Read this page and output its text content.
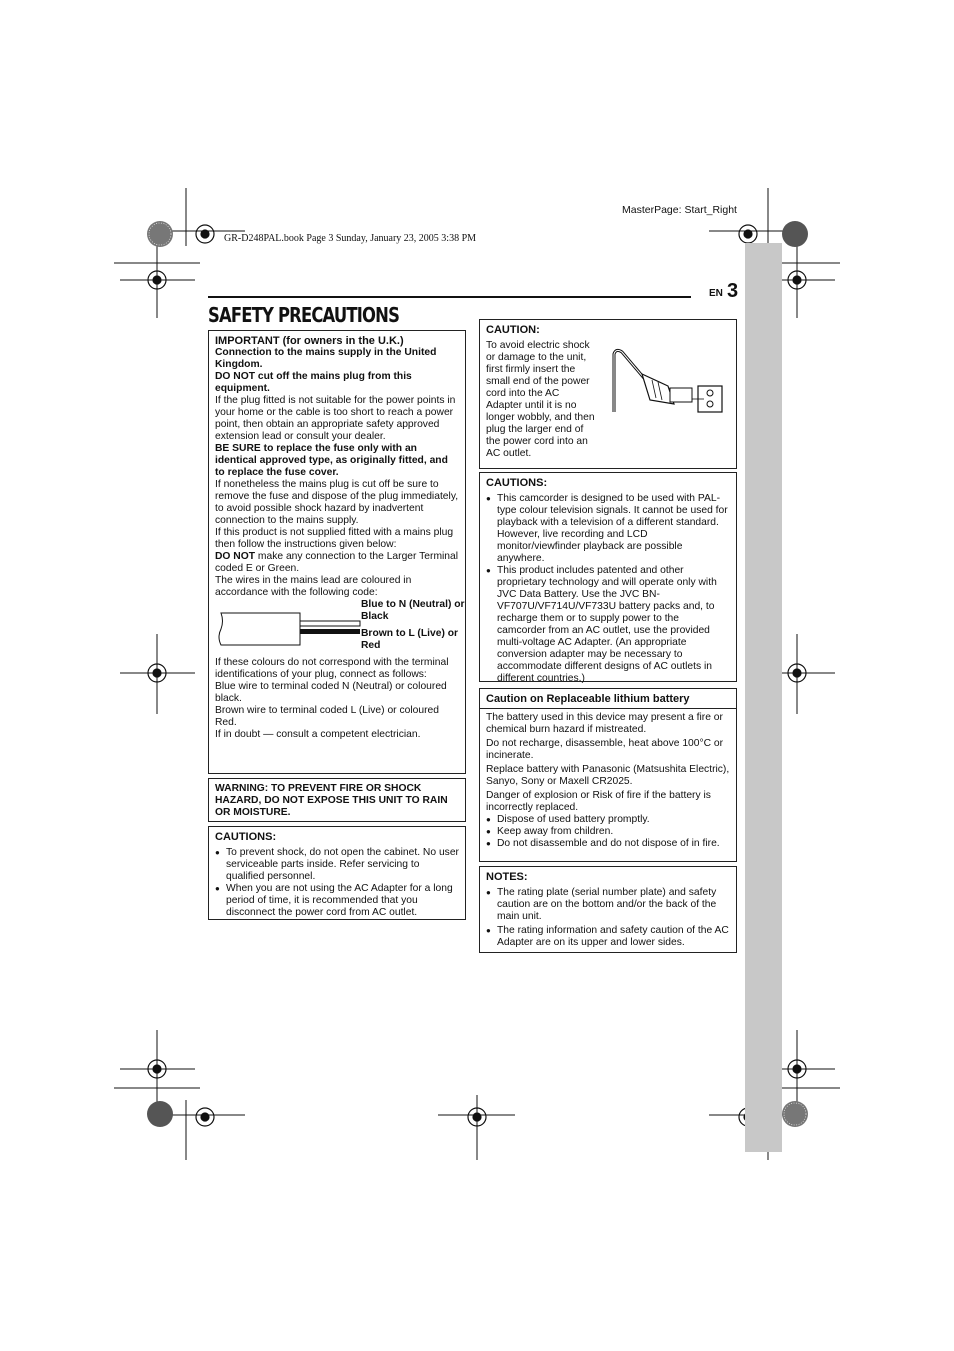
MasterPage: Start_Right
GR-D248PAL.book Page 3 Sunday, January 23, 2005 3:38 PM
EN 3
SAFETY PRECAUTIONS
IMPORTANT (for owners in the U.K.)
Connection to the mains supply in the United Kingdom.
DO NOT cut off the mains plug from this equipment.
If the plug fitted is not suitable for the power points in your home or the cable is too short to reach a power point, then obtain an appropriate safety approved extension lead or consult your dealer.
BE SURE to replace the fuse only with an identical approved type, as originally fitted, and to replace the fuse cover.
If nonetheless the mains plug is cut off be sure to remove the fuse and dispose of the plug immediately, to avoid possible shock hazard by inadvertent connection to the mains supply.
If this product is not supplied fitted with a mains plug then follow the instructions given below:
DO NOT make any connection to the Larger Terminal coded E or Green.
The wires in the mains lead are coloured in accordance with the following code:
Blue to N (Neutral) or Black
Brown to L (Live) or Red
If these colours do not correspond with the terminal identifications of your plug, connect as follows:
Blue wire to terminal coded N (Neutral) or coloured black.
Brown wire to terminal coded L (Live) or coloured Red.
If in doubt — consult a competent electrician.
WARNING: TO PREVENT FIRE OR SHOCK HAZARD, DO NOT EXPOSE THIS UNIT TO RAIN OR MOISTURE.
CAUTIONS:
● To prevent shock, do not open the cabinet. No user serviceable parts inside. Refer servicing to qualified personnel.
● When you are not using the AC Adapter for a long period of time, it is recommended that you disconnect the power cord from AC outlet.
CAUTION:
To avoid electric shock or damage to the unit, first firmly insert the small end of the power cord into the AC Adapter until it is no longer wobbly, and then plug the larger end of the power cord into an AC outlet.
CAUTIONS:
● This camcorder is designed to be used with PAL-type colour television signals. It cannot be used for playback with a television of a different standard. However, live recording and LCD monitor/viewfinder playback are possible anywhere.
● This product includes patented and other proprietary technology and will operate only with JVC Data Battery. Use the JVC BN-VF707U/VF714U/VF733U battery packs and, to recharge them or to supply power to the camcorder from an AC outlet, use the provided multi-voltage AC Adapter. (An appropriate conversion adapter may be necessary to accommodate different designs of AC outlets in different countries.)
Caution on Replaceable lithium battery
The battery used in this device may present a fire or chemical burn hazard if mistreated.
Do not recharge, disassemble, heat above 100°C or incinerate.
Replace battery with Panasonic (Matsushita Electric), Sanyo, Sony or Maxell CR2025.
Danger of explosion or Risk of fire if the battery is incorrectly replaced.
● Dispose of used battery promptly.
● Keep away from children.
● Do not disassemble and do not dispose of in fire.
NOTES:
● The rating plate (serial number plate) and safety caution are on the bottom and/or the back of the main unit.
● The rating information and safety caution of the AC Adapter are on its upper and lower sides.
